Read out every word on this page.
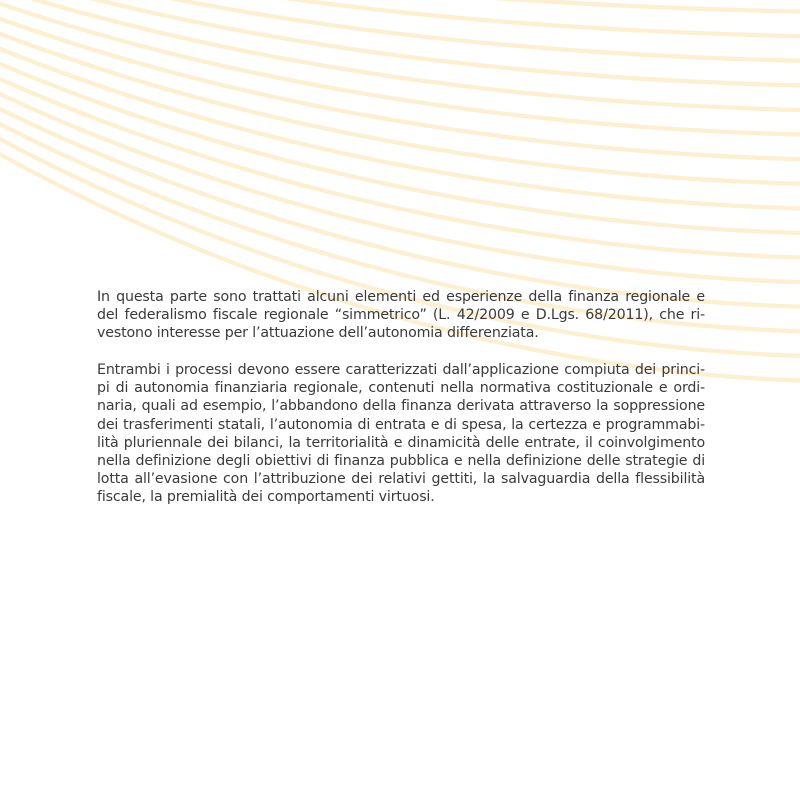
In questa parte sono trattati alcuni elementi ed esperienze della finanza regionale e
del federalismo fiscale regionale “simmetrico” (L. 42/2009 e D.Lgs. 68/2011), che ri-
vestono interesse per l’attuazione dell’autonomia differenziata.

Entrambi i processi devono essere caratterizzati dall’applicazione compiuta dei princi-
pi di autonomia finanziaria regionale, contenuti nella normativa costituzionale e ordi-
naria, quali ad esempio, l’abbandono della finanza derivata attraverso la soppressione
dei trasferimenti statali, l’autonomia di entrata e di spesa, la certezza e programmabi-
lità pluriennale dei bilanci, la territorialità e dinamicità delle entrate, il coinvolgimento
nella definizione degli obiettivi di finanza pubblica e nella definizione delle strategie di
lotta all’evasione con l’attribuzione dei relativi gettiti, la salvaguardia della flessibilità
fiscale, la premialità dei comportamenti virtuosi.
